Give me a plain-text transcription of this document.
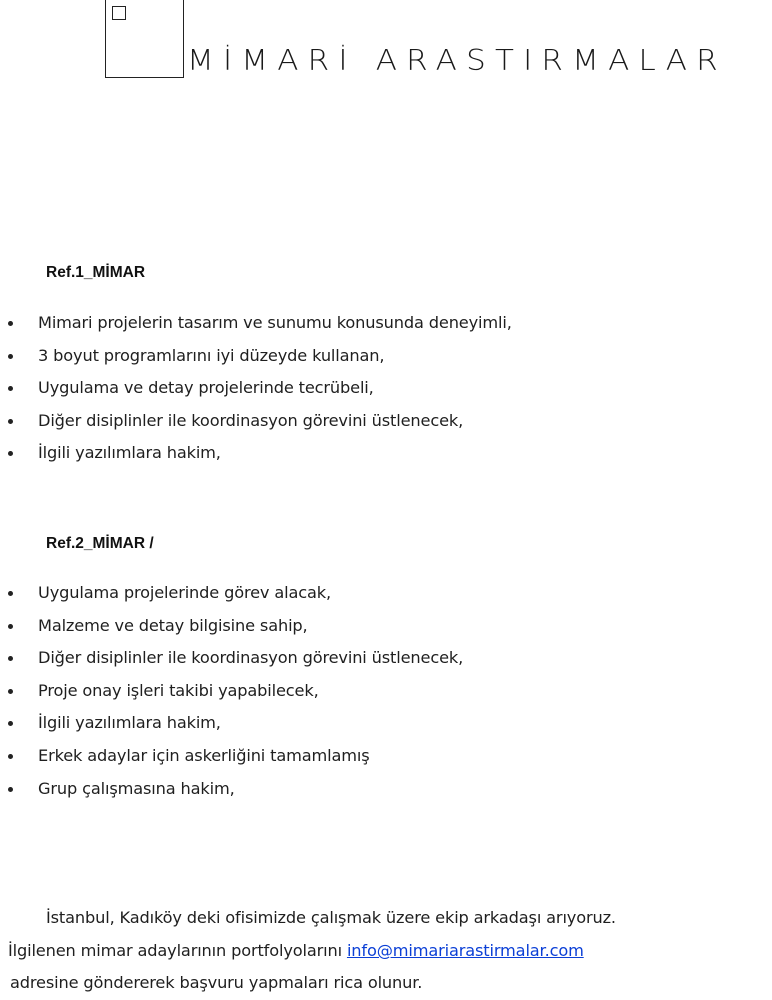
MİMARİ ARASTIRMALAR
Ref.1_MİMAR
Mimari projelerin tasarım ve sunumu konusunda deneyimli,
3 boyut programlarını iyi düzeyde kullanan,
Uygulama ve detay projelerinde tecrübeli,
Diğer disiplinler ile koordinasyon görevini üstlenecek,
İlgili yazılımlara hakim,
Ref.2_MİMAR /
Uygulama projelerinde görev alacak,
Malzeme ve detay bilgisine sahip,
Diğer disiplinler ile koordinasyon görevini üstlenecek,
Proje onay işleri takibi yapabilecek,
İlgili yazılımlara hakim,
Erkek adaylar için askerliğini tamamlamış
Grup çalışmasına hakim,
İstanbul, Kadıköy deki ofisimizde çalışmak üzere ekip arkadaşı arıyoruz.
İlgilenen mimar adaylarının portfolyolarını info@mimariarastirmalar.com
adresine göndererek başvuru yapmaları rica olunur.
